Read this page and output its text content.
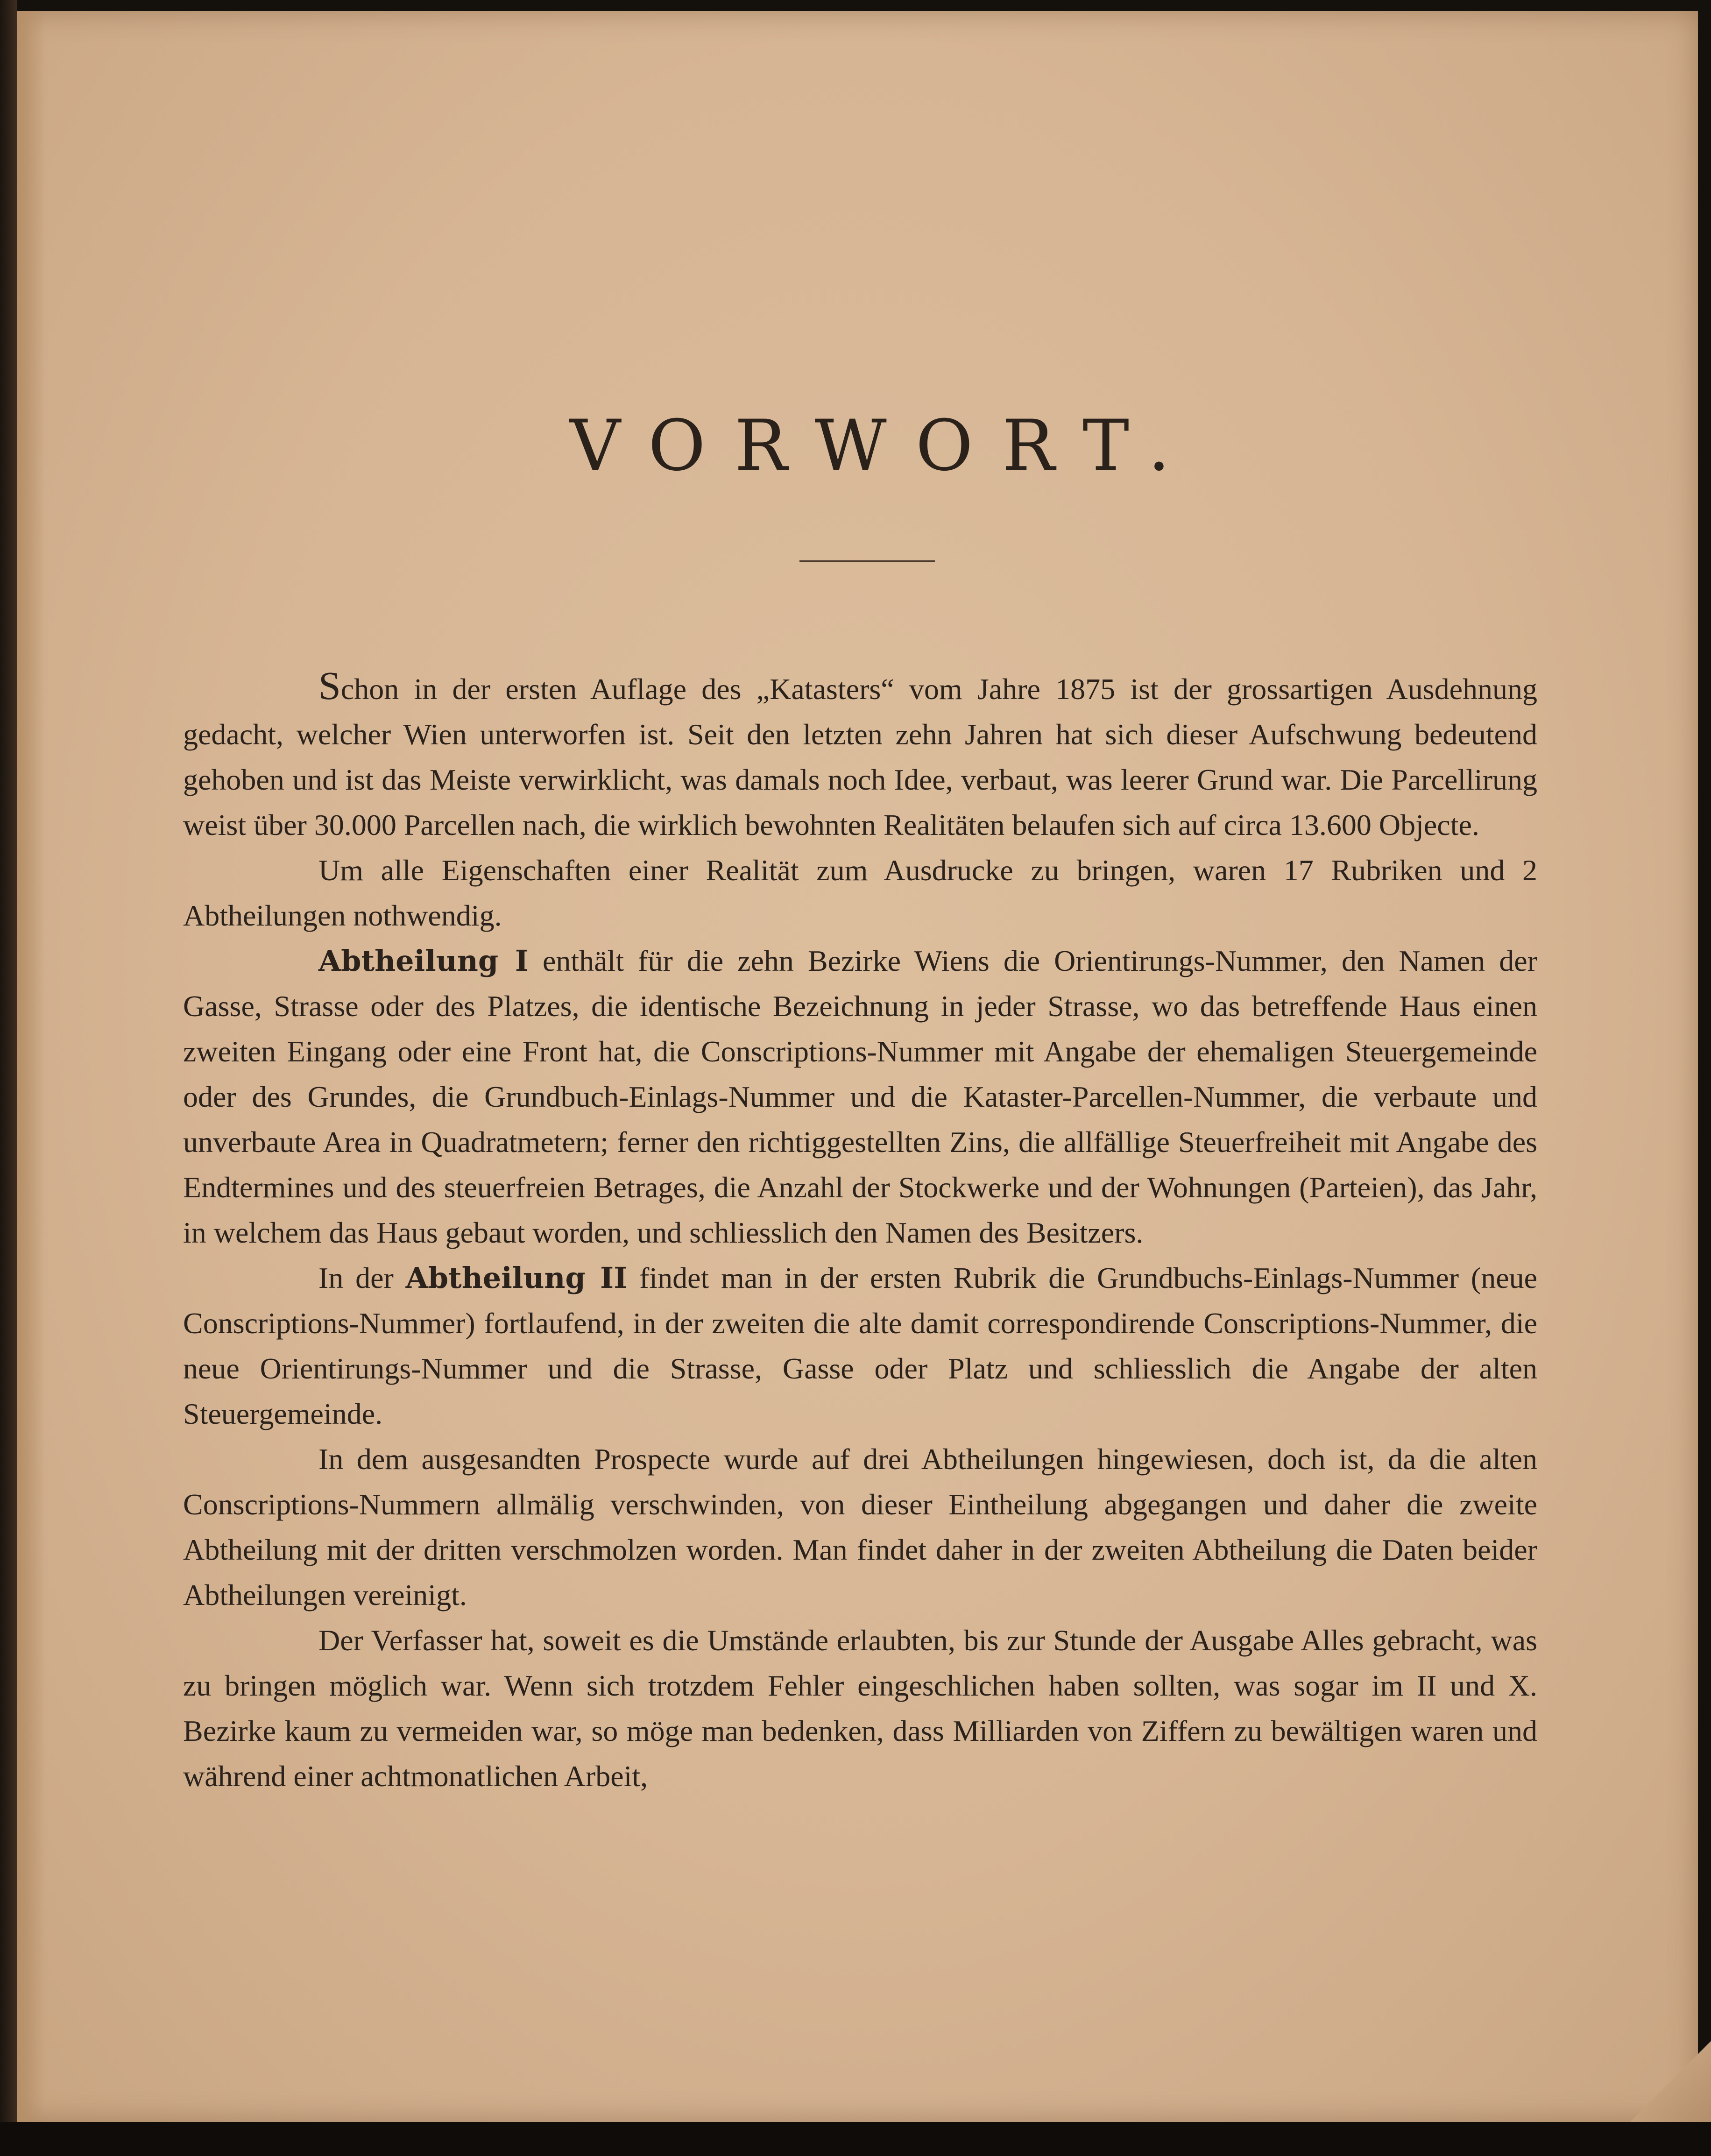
VORWORT.

Schon in der ersten Auflage des „Katasters“ vom Jahre 1875 ist der grossartigen Ausdehnung gedacht, welcher Wien unterworfen ist. Seit den letzten zehn Jahren hat sich dieser Aufschwung bedeutend gehoben und ist das Meiste verwirklicht, was damals noch Idee, verbaut, was leerer Grund war. Die Parcellirung weist über 30.000 Parcellen nach, die wirklich bewohnten Realitäten belaufen sich auf circa 13.600 Objecte.

Um alle Eigenschaften einer Realität zum Ausdrucke zu bringen, waren 17 Rubriken und 2 Abtheilungen nothwendig.

Abtheilung I enthält für die zehn Bezirke Wiens die Orientirungs-Nummer, den Namen der Gasse, Strasse oder des Platzes, die identische Bezeichnung in jeder Strasse, wo das betreffende Haus einen zweiten Eingang oder eine Front hat, die Conscriptions-Nummer mit Angabe der ehemaligen Steuergemeinde oder des Grundes, die Grundbuch-Einlags-Nummer und die Kataster-Parcellen-Nummer, die verbaute und unverbaute Area in Quadratmetern; ferner den richtiggestellten Zins, die allfällige Steuerfreiheit mit Angabe des Endtermines und des steuerfreien Betrages, die Anzahl der Stockwerke und der Wohnungen (Parteien), das Jahr, in welchem das Haus gebaut worden, und schliesslich den Namen des Besitzers.

In der Abtheilung II findet man in der ersten Rubrik die Grundbuchs-Einlags-Nummer (neue Conscriptions-Nummer) fortlaufend, in der zweiten die alte damit correspondirende Conscriptions-Nummer, die neue Orientirungs-Nummer und die Strasse, Gasse oder Platz und schliesslich die Angabe der alten Steuergemeinde.

In dem ausgesandten Prospecte wurde auf drei Abtheilungen hingewiesen, doch ist, da die alten Conscriptions-Nummern allmälig verschwinden, von dieser Eintheilung abgegangen und daher die zweite Abtheilung mit der dritten verschmolzen worden. Man findet daher in der zweiten Abtheilung die Daten beider Abtheilungen vereinigt.

Der Verfasser hat, soweit es die Umstände erlaubten, bis zur Stunde der Ausgabe Alles gebracht, was zu bringen möglich war. Wenn sich trotzdem Fehler eingeschlichen haben sollten, was sogar im II und X. Bezirke kaum zu vermeiden war, so möge man bedenken, dass Milliarden von Ziffern zu bewältigen waren und während einer achtmonatlichen Arbeit,
